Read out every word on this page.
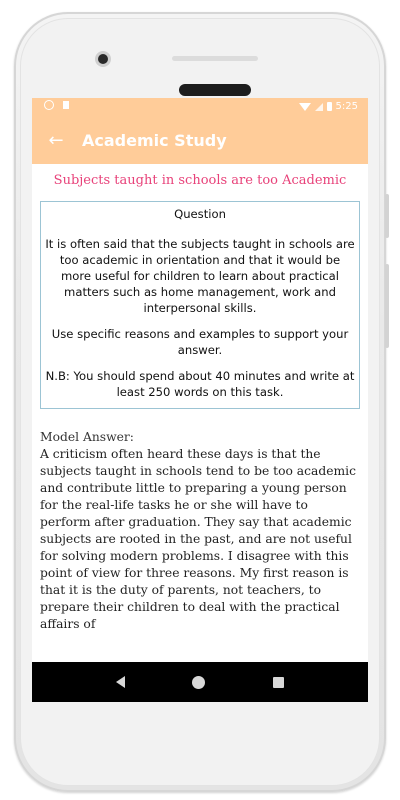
5:25
← Academic Study
Subjects taught in schools are too Academic

Question

It is often said that the subjects taught in schools are too academic in orientation and that it would be more useful for children to learn about practical matters such as home management, work and interpersonal skills.

Use specific reasons and examples to support your answer.

N.B: You should spend about 40 minutes and write at least 250 words on this task.

Model Answer:
A criticism often heard these days is that the subjects taught in schools tend to be too academic and contribute little to preparing a young person for the real-life tasks he or she will have to perform after graduation. They say that academic subjects are rooted in the past, and are not useful for solving modern problems. I disagree with this point of view for three reasons. My first reason is that it is the duty of parents, not teachers, to prepare their children to deal with the practical affairs of
